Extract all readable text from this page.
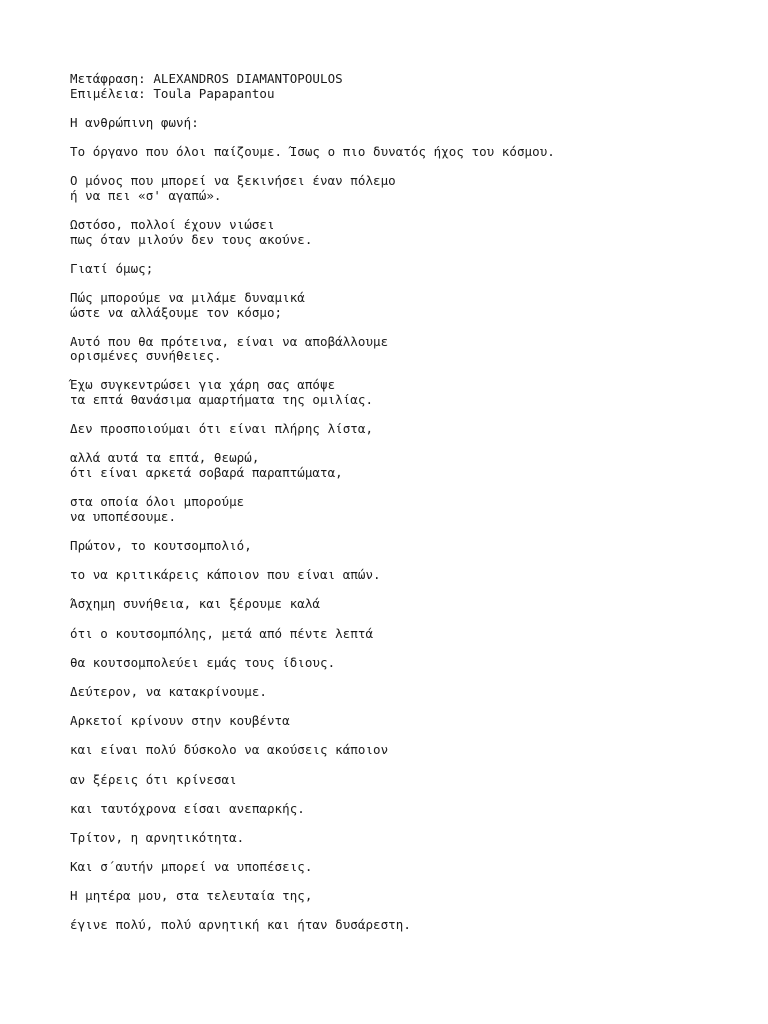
Μετάφραση: ALEXANDROS DIAMANTOPOULOS
Επιμέλεια: Toula Papapantou
Η ανθρώπινη φωνή:
Το όργανο που όλοι παίζουμε. Ίσως ο πιο δυνατός ήχος του κόσμου.
Ο μόνος που μπορεί να ξεκινήσει έναν πόλεμο
ή να πει «σ' αγαπώ».
Ωστόσο, πολλοί έχουν νιώσει
πως όταν μιλούν δεν τους ακούνε.
Γιατί όμως;
Πώς μπορούμε να μιλάμε δυναμικά
ώστε να αλλάξουμε τον κόσμο;
Αυτό που θα πρότεινα, είναι να αποβάλλουμε
ορισμένες συνήθειες.
Έχω συγκεντρώσει για χάρη σας απόψε
τα επτά θανάσιμα αμαρτήματα της ομιλίας.
Δεν προσποιούμαι ότι είναι πλήρης λίστα,
αλλά αυτά τα επτά, θεωρώ,
ότι είναι αρκετά σοβαρά παραπτώματα,
στα οποία όλοι μπορούμε
να υποπέσουμε.
Πρώτον, το κουτσομπολιό,
το να κριτικάρεις κάποιον που είναι απών.
Άσχημη συνήθεια, και ξέρουμε καλά
ότι ο κουτσομπόλης, μετά από πέντε λεπτά
θα κουτσομπολεύει εμάς τους ίδιους.
Δεύτερον, να κατακρίνουμε.
Αρκετοί κρίνουν στην κουβέντα
και είναι πολύ δύσκολο να ακούσεις κάποιον
αν ξέρεις ότι κρίνεσαι
και ταυτόχρονα είσαι ανεπαρκής.
Τρίτον, η αρνητικότητα.
Και σ΄αυτήν μπορεί να υποπέσεις.
Η μητέρα μου, στα τελευταία της,
έγινε πολύ, πολύ αρνητική και ήταν δυσάρεστη.
